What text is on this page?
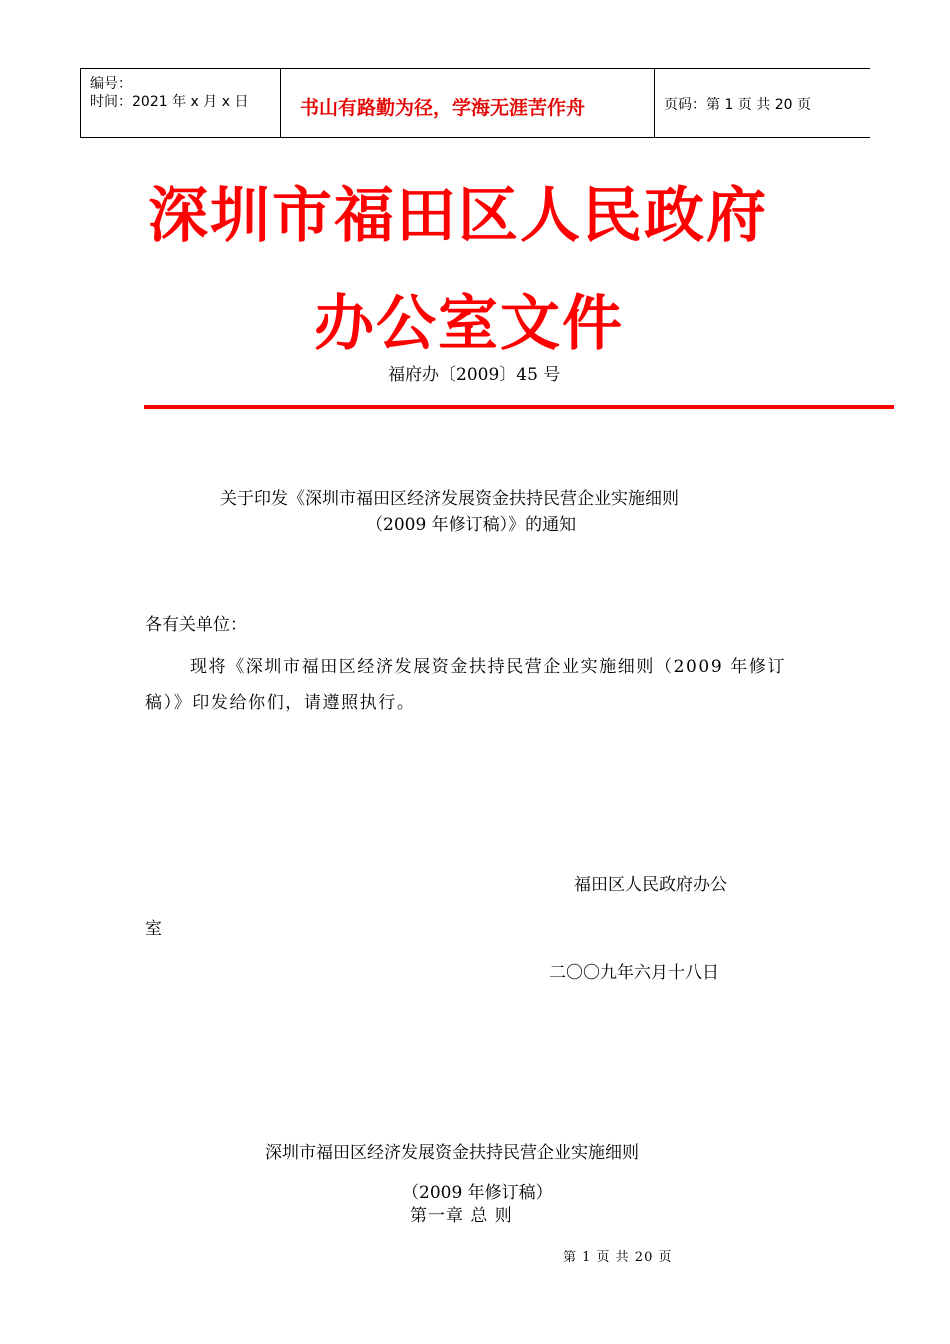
编号：
时间：2021 年 x 月 x 日	书山有路勤为径，学海无涯苦作舟	页码：第 1 页 共 20 页
深圳市福田区人民政府
办公室文件
福府办〔2009〕45 号
关于印发《深圳市福田区经济发展资金扶持民营企业实施细则
（2009 年修订稿）》的通知
各有关单位：
现将《深圳市福田区经济发展资金扶持民营企业实施细则（2009 年修订
稿）》印发给你们，请遵照执行。
福田区人民政府办公
室
二〇〇九年六月十八日
深圳市福田区经济发展资金扶持民营企业实施细则
（2009 年修订稿）
第一章 总 则
第 1 页 共 20 页
